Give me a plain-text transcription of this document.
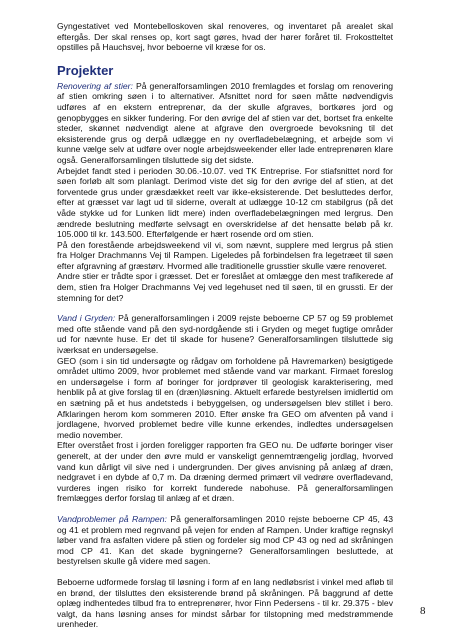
Gyngestativet ved Montebelloskoven skal renoveres, og inventaret på arealet skal eftergås. Der skal renses op, kort sagt gøres, hvad der hører foråret til. Frokostteltet opstilles på Hauchsvej, hvor beboerne vil kræse for os.

Projekter

Renovering af stier: På generalforsamlingen 2010 fremlagdes et forslag om renovering af stien omkring søen i to alternativer. Afsnittet nord for søen måtte nødvendigvis udføres af en ekstern entreprenør, da der skulle afgraves, bortkøres jord og genopbygges en sikker fundering. For den øvrige del af stien var det, bortset fra enkelte steder, skønnet nødvendigt alene at afgrave den overgroede bevoksning til det eksisterende grus og derpå udlægge en ny overfladebelægning, et arbejde som vi kunne vælge selv at udføre over nogle arbejdsweekender eller lade entreprenøren klare også. Generalforsamlingen tilsluttede sig det sidste.

Arbejdet fandt sted i perioden 30.06.-10.07. ved TK Entreprise. For stiafsnittet nord for søen forløb alt som planlagt. Derimod viste det sig for den øvrige del af stien, at det forventede grus under græsdækket reelt var ikke-eksisterende. Det besluttedes derfor, efter at græsset var lagt ud til siderne, overalt at udlægge 10-12 cm stabilgrus (på det våde stykke ud for Lunken lidt mere) inden overfladebelægningen med lergrus. Den ændrede beslutning medførte selvsagt en overskridelse af det hensatte beløb på kr. 105.000 til kr. 143.500. Efterfølgende er hært rosende ord om stien.

På den forestående arbejdsweekend vil vi, som nævnt, supplere med lergrus på stien fra Holger Drachmanns Vej til Rampen. Ligeledes på forbindelsen fra legetræet til søen efter afgravning af græstørv. Hvormed alle traditionelle grusstier skulle være renoveret.

Andre stier er trådte spor i græsset. Det er foreslået at omlægge den mest trafikerede af dem, stien fra Holger Drachmanns Vej ved legehuset ned til søen, til en grussti. Er der stemning for det?

Vand i Gryden: På generalforsamlingen i 2009 rejste beboerne CP 57 og 59 problemet med ofte stående vand på den syd-nordgående sti i Gryden og meget fugtige områder ud for nævnte huse. Er det til skade for husene? Generalforsamlingen tilsluttede sig iværksat en undersøgelse.

GEO (som i sin tid undersøgte og rådgav om forholdene på Havremarken) besigtigede området ultimo 2009, hvor problemet med stående vand var markant. Firmaet foreslog en undersøgelse i form af boringer for jordprøver til geologisk karakterisering, med henblik på at give forslag til en (dræn)løsning. Aktuelt erfarede bestyrelsen imidlertid om en sætning på et hus andetsteds i bebyggelsen, og undersøgelsen blev stillet i bero. Afklaringen herom kom sommeren 2010. Efter ønske fra GEO om afventen på vand i jordlagene, hvorved problemet bedre ville kunne erkendes, indledtes undersøgelsen medio november.

Efter overstået frost i jorden foreligger rapporten fra GEO nu. De udførte boringer viser generelt, at der under den øvre muld er vanskeligt gennemtrængelig jordlag, hvorved vand kun dårligt vil sive ned i undergrunden. Der gives anvisning på anlæg af dræn, nedgravet i en dybde af 0,7 m. Da dræning dermed primært vil vedrøre overfladevand, vurderes ingen risiko for korrekt funderede nabohuse. På generalforsamlingen fremlægges derfor forslag til anlæg af et dræn.

Vandproblemer på Rampen: På generalforsamlingen 2010 rejste beboerne CP 45, 43 og 41 et problem med regnvand på vejen for enden af Rampen. Under kraftige regnskyl løber vand fra asfalten videre på stien og fordeler sig mod CP 43 og ned ad skråningen mod CP 41. Kan det skade bygningerne? Generalforsamlingen besluttede, at bestyrelsen skulle gå videre med sagen.

Beboerne udformede forslag til løsning i form af en lang nedløbsrist i vinkel med afløb til en brønd, der tilsluttes den eksisterende brønd på skråningen. På baggrund af dette oplæg indhentedes tilbud fra to entreprenører, hvor Finn Pedersens - til kr. 29.375 - blev valgt, da hans løsning anses for mindst sårbar for tilstopning med medstrømmende urenheder.

8
